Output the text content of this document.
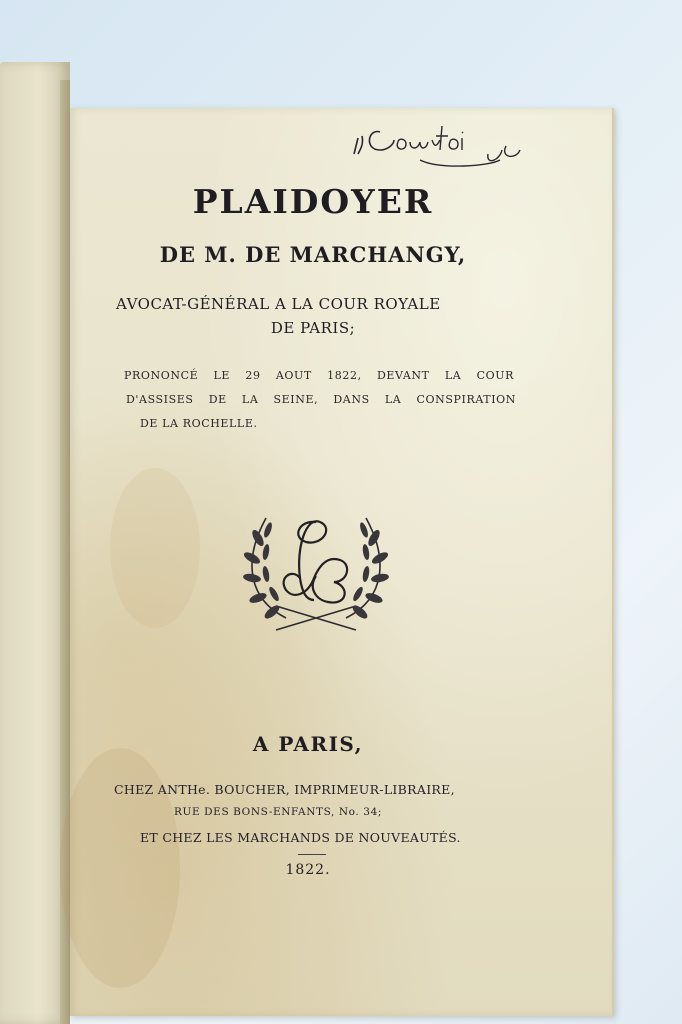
PLAIDOYER
DE M. DE MARCHANGY,
AVOCAT-GÉNÉRAL A LA COUR ROYALE
DE PARIS;
PRONONCÉ LE 29 AOUT 1822, DEVANT LA COUR
D'ASSISES DE LA SEINE, DANS LA CONSPIRATION
DE LA ROCHELLE.
A PARIS,
CHEZ ANTHe. BOUCHER, IMPRIMEUR-LIBRAIRE,
RUE DES BONS-ENFANTS, No. 34;
ET CHEZ LES MARCHANDS DE NOUVEAUTÉS.
1822.
